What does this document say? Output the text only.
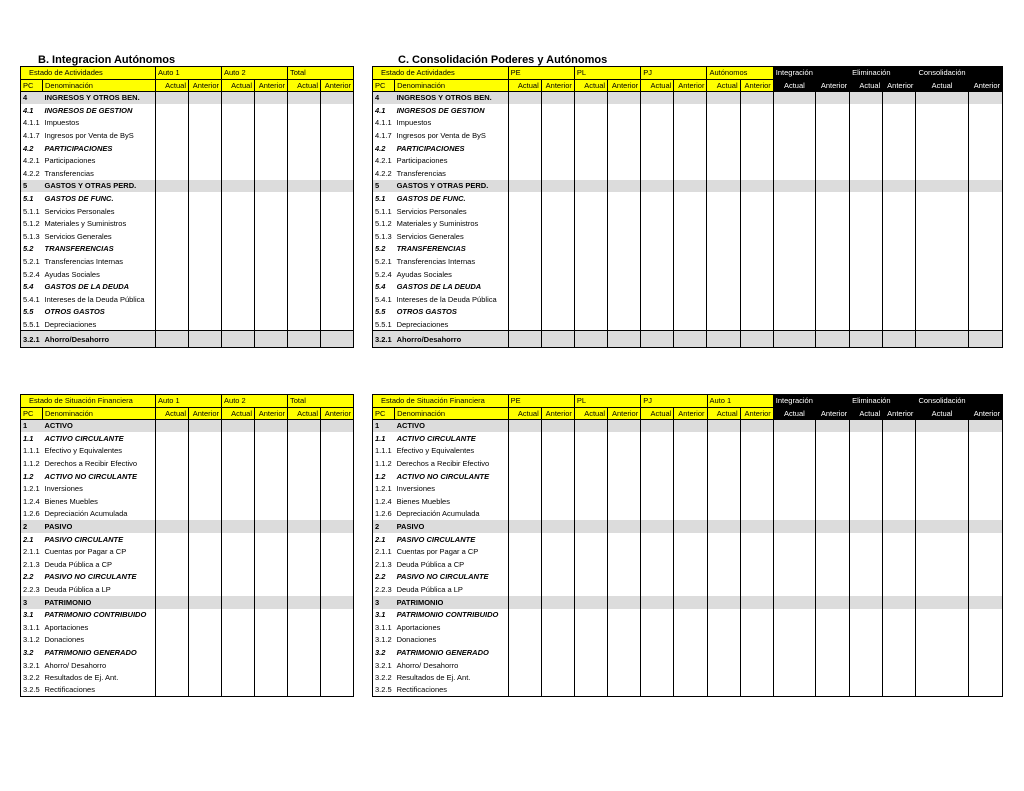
B. Integracion Autónomos	C. Consolidación Poderes y Autónomos
Estado de Actividades		Auto 1		Auto 2		Total	
PC	Denominación	Actual	Anterior	Actual	Anterior	Actual	Anterior
4	INGRESOS Y OTROS BEN.						
4.1	INGRESOS DE GESTION						
4.1.1	Impuestos						
4.1.7	Ingresos por Venta de ByS						
4.2	PARTICIPACIONES						
4.2.1	Participaciones						
4.2.2	Transferencias						
5	GASTOS Y OTRAS PERD.						
5.1	GASTOS DE FUNC.						
5.1.1	Servicios Personales						
5.1.2	Materiales y Suministros						
5.1.3	Servicios Generales						
5.2	TRANSFERENCIAS						
5.2.1	Transferencias Internas						
5.2.4	Ayudas Sociales						
5.4	GASTOS DE LA DEUDA						
5.4.1	Intereses de la Deuda Pública						
5.5	OTROS GASTOS						
5.5.1	Depreciaciones						
3.2.1	Ahorro/Desahorro						
Estado de Actividades		PE		PL		PJ		Autónomos		Integración		Eliminación		Consolidación	
PC	Denominación	Actual	Anterior	Actual	Anterior	Actual	Anterior	Actual	Anterior	Actual	Anterior	Actual	Anterior	Actual	Anterior
4	INGRESOS Y OTROS BEN.														
4.1	INGRESOS DE GESTION														
4.1.1	Impuestos														
4.1.7	Ingresos por Venta de ByS														
4.2	PARTICIPACIONES														
4.2.1	Participaciones														
4.2.2	Transferencias														
5	GASTOS Y OTRAS PERD.														
5.1	GASTOS DE FUNC.														
5.1.1	Servicios Personales														
5.1.2	Materiales y Suministros														
5.1.3	Servicios Generales														
5.2	TRANSFERENCIAS														
5.2.1	Transferencias Internas														
5.2.4	Ayudas Sociales														
5.4	GASTOS DE LA DEUDA														
5.4.1	Intereses de la Deuda Pública														
5.5	OTROS GASTOS														
5.5.1	Depreciaciones														
3.2.1	Ahorro/Desahorro														
Estado de Situación Financiera		Auto 1		Auto 2		Total	
PC	Denominación	Actual	Anterior	Actual	Anterior	Actual	Anterior
1	ACTIVO						
1.1	ACTIVO CIRCULANTE						
1.1.1	Efectivo y Equivalentes						
1.1.2	Derechos a Recibir Efectivo						
1.2	ACTIVO NO CIRCULANTE						
1.2.1	Inversiones						
1.2.4	Bienes Muebles						
1.2.6	Depreciación Acumulada						
2	PASIVO						
2.1	PASIVO CIRCULANTE						
2.1.1	Cuentas por Pagar a CP						
2.1.3	Deuda Pública a CP						
2.2	PASIVO NO CIRCULANTE						
2.2.3	Deuda Pública a LP						
3	PATRIMONIO						
3.1	PATRIMONIO CONTRIBUIDO						
3.1.1	Aportaciones						
3.1.2	Donaciones						
3.2	PATRIMONIO GENERADO						
3.2.1	Ahorro/ Desahorro						
3.2.2	Resultados de Ej. Ant.						
3.2.5	Rectificaciones						
Estado de Situación Financiera		PE		PL		PJ		Auto 1		Integración		Eliminación		Consolidación	
PC	Denominación	Actual	Anterior	Actual	Anterior	Actual	Anterior	Actual	Anterior	Actual	Anterior	Actual	Anterior	Actual	Anterior
1	ACTIVO														
1.1	ACTIVO CIRCULANTE														
1.1.1	Efectivo y Equivalentes														
1.1.2	Derechos a Recibir Efectivo														
1.2	ACTIVO NO CIRCULANTE														
1.2.1	Inversiones														
1.2.4	Bienes Muebles														
1.2.6	Depreciación Acumulada														
2	PASIVO														
2.1	PASIVO CIRCULANTE														
2.1.1	Cuentas por Pagar a CP														
2.1.3	Deuda Pública a CP														
2.2	PASIVO NO CIRCULANTE														
2.2.3	Deuda Pública a LP														
3	PATRIMONIO														
3.1	PATRIMONIO CONTRIBUIDO														
3.1.1	Aportaciones														
3.1.2	Donaciones														
3.2	PATRIMONIO GENERADO														
3.2.1	Ahorro/ Desahorro														
3.2.2	Resultados de Ej. Ant.														
3.2.5	Rectificaciones														
